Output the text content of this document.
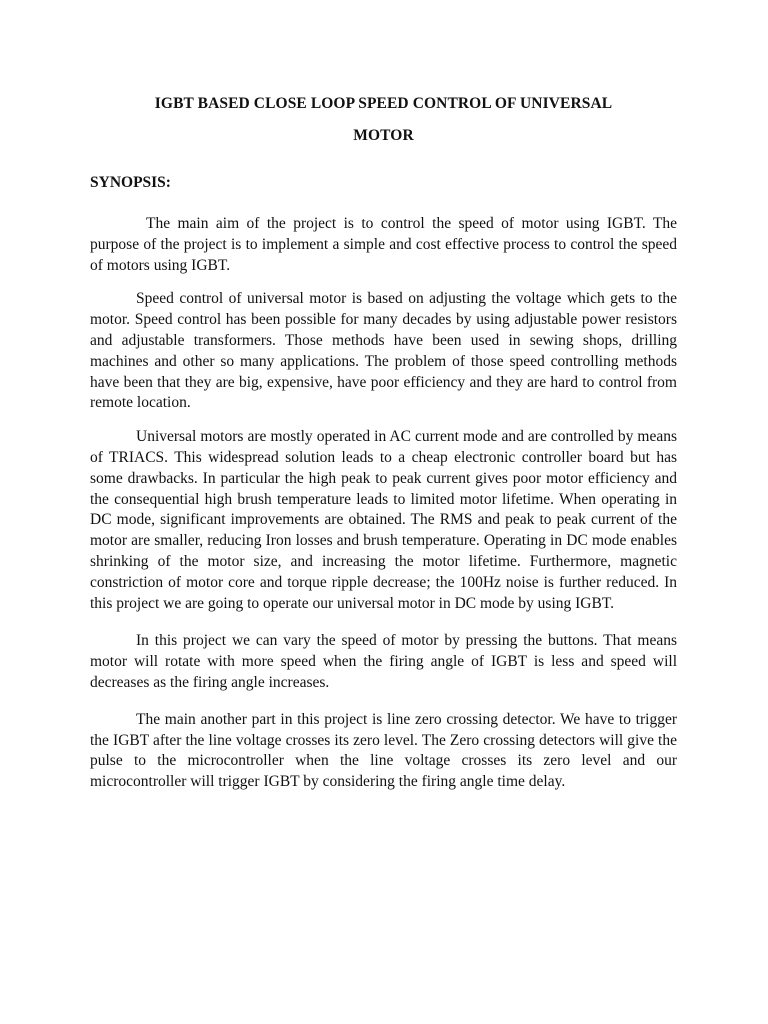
IGBT BASED CLOSE LOOP SPEED CONTROL OF UNIVERSAL
MOTOR
SYNOPSIS:

The main aim of the project is to control the speed of motor using IGBT. The purpose of the project is to implement a simple and cost effective process to control the speed of motors using IGBT.

Speed control of universal motor is based on adjusting the voltage which gets to the motor. Speed control has been possible for many decades by using adjustable power resistors and adjustable transformers. Those methods have been used in sewing shops, drilling machines and other so many applications. The problem of those speed controlling methods have been that they are big, expensive, have poor efficiency and they are hard to control from remote location.

Universal motors are mostly operated in AC current mode and are controlled by means of TRIACS. This widespread solution leads to a cheap electronic controller board but has some drawbacks. In particular the high peak to peak current gives poor motor efficiency and the consequential high brush temperature leads to limited motor lifetime. When operating in DC mode, significant improvements are obtained. The RMS and peak to peak current of the motor are smaller, reducing Iron losses and brush temperature. Operating in DC mode enables shrinking of the motor size, and increasing the motor lifetime. Furthermore, magnetic constriction of motor core and torque ripple decrease; the 100Hz noise is further reduced. In this project we are going to operate our universal motor in DC mode by using IGBT.

In this project we can vary the speed of motor by pressing the buttons. That means motor will rotate with more speed when the firing angle of IGBT is less and speed will decreases as the firing angle increases.

The main another part in this project is line zero crossing detector. We have to trigger the IGBT after the line voltage crosses its zero level. The Zero crossing detectors will give the pulse to the microcontroller when the line voltage crosses its zero level and our microcontroller will trigger IGBT by considering the firing angle time delay.
